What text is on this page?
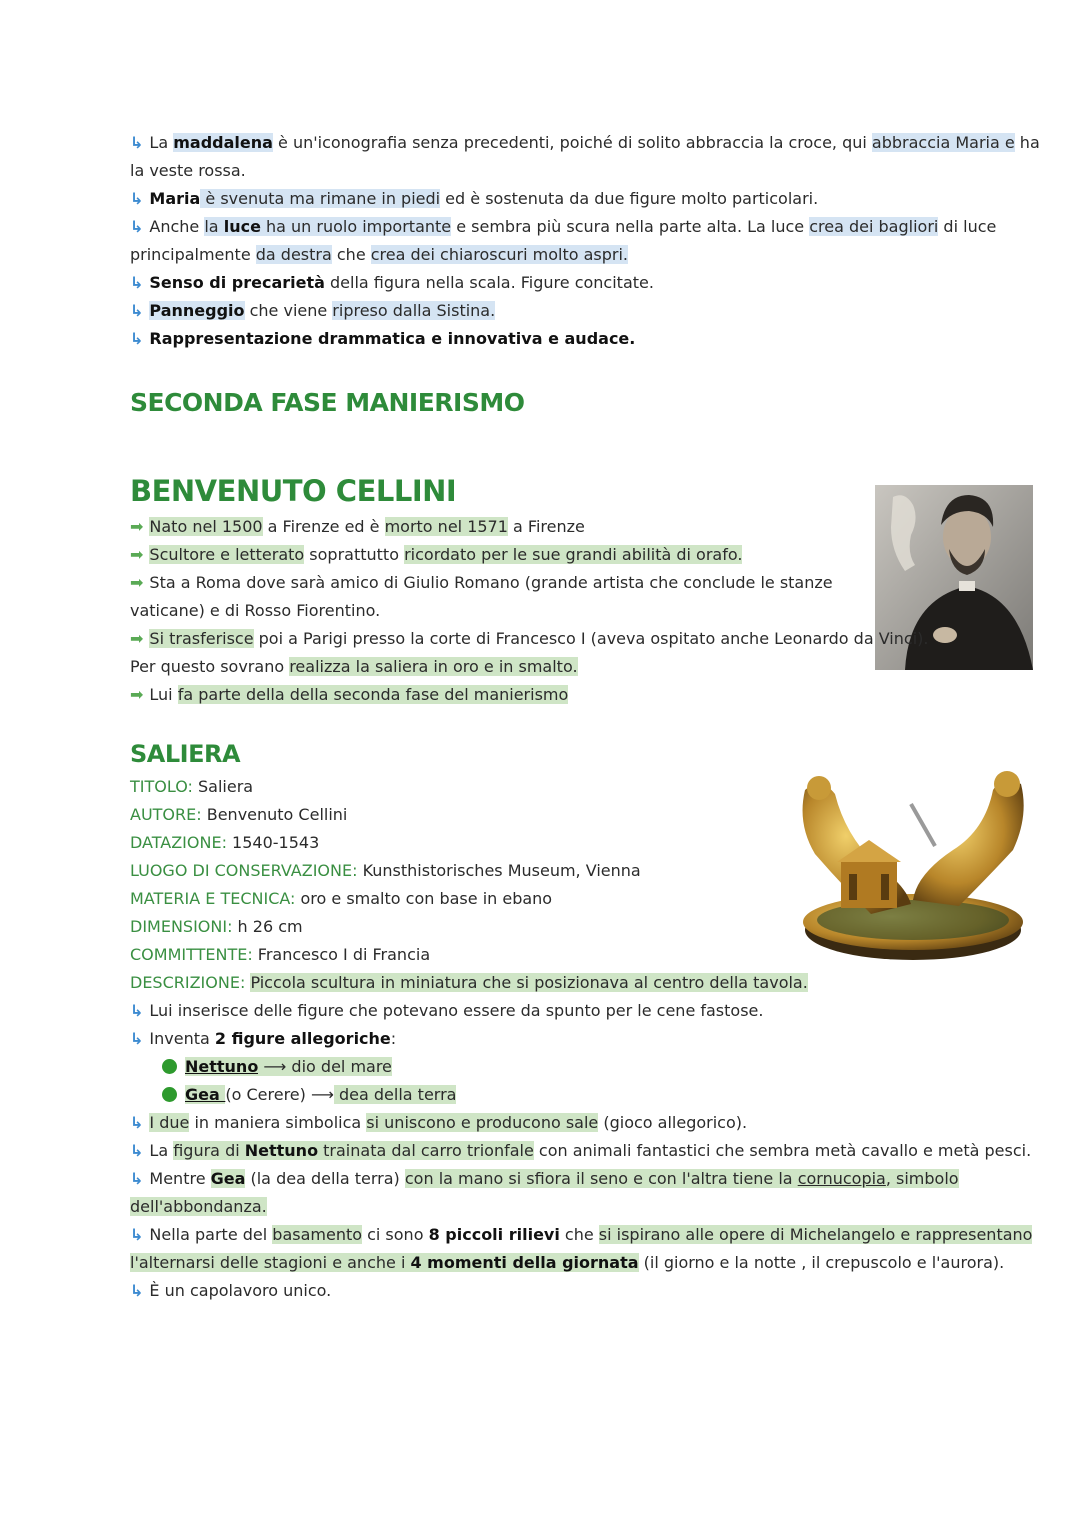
↳ La maddalena è un'iconografia senza precedenti, poiché di solito abbraccia la croce, qui abbraccia Maria e ha
la veste rossa.
↳ Maria è svenuta ma rimane in piedi ed è sostenuta da due figure molto particolari.
↳ Anche la luce ha un ruolo importante e sembra più scura nella parte alta. La luce crea dei bagliori di luce
principalmente da destra che crea dei chiaroscuri molto aspri.
↳ Senso di precarietà della figura nella scala. Figure concitate.
↳ Panneggio che viene ripreso dalla Sistina.
↳ Rappresentazione drammatica e innovativa e audace.
SECONDA FASE MANIERISMO
BENVENUTO CELLINI
➡ Nato nel 1500 a Firenze ed è morto nel 1571 a Firenze
➡ Scultore e letterato soprattutto ricordato per le sue grandi abilità di orafo.
➡ Sta a Roma dove sarà amico di Giulio Romano (grande artista che conclude le stanze
vaticane) e di Rosso Fiorentino.
➡ Si trasferisce poi a Parigi presso la corte di Francesco I (aveva ospitato anche Leonardo da Vinci).
Per questo sovrano realizza la saliera in oro e in smalto.
➡ Lui fa parte della della seconda fase del manierismo
SALIERA
TITOLO: Saliera
AUTORE: Benvenuto Cellini
DATAZIONE: 1540-1543
LUOGO DI CONSERVAZIONE: Kunsthistorisches Museum, Vienna
MATERIA E TECNICA: oro e smalto con base in ebano
DIMENSIONI: h 26 cm
COMMITTENTE: Francesco I di Francia
DESCRIZIONE: Piccola scultura in miniatura che si posizionava al centro della tavola.
↳ Lui inserisce delle figure che potevano essere da spunto per le cene fastose.
↳ Inventa 2 figure allegoriche:
Nettuno ⟶ dio del mare
Gea (o Cerere) ⟶ dea della terra
↳ I due in maniera simbolica si uniscono e producono sale (gioco allegorico).
↳ La figura di Nettuno trainata dal carro trionfale con animali fantastici che sembra metà cavallo e metà pesci.
↳ Mentre Gea (la dea della terra) con la mano si sfiora il seno e con l'altra tiene la cornucopia, simbolo
dell'abbondanza.
↳ Nella parte del basamento ci sono 8 piccoli rilievi che si ispirano alle opere di Michelangelo e rappresentano
l'alternarsi delle stagioni e anche i 4 momenti della giornata (il giorno e la notte , il crepuscolo e l'aurora).
↳ È un capolavoro unico.
